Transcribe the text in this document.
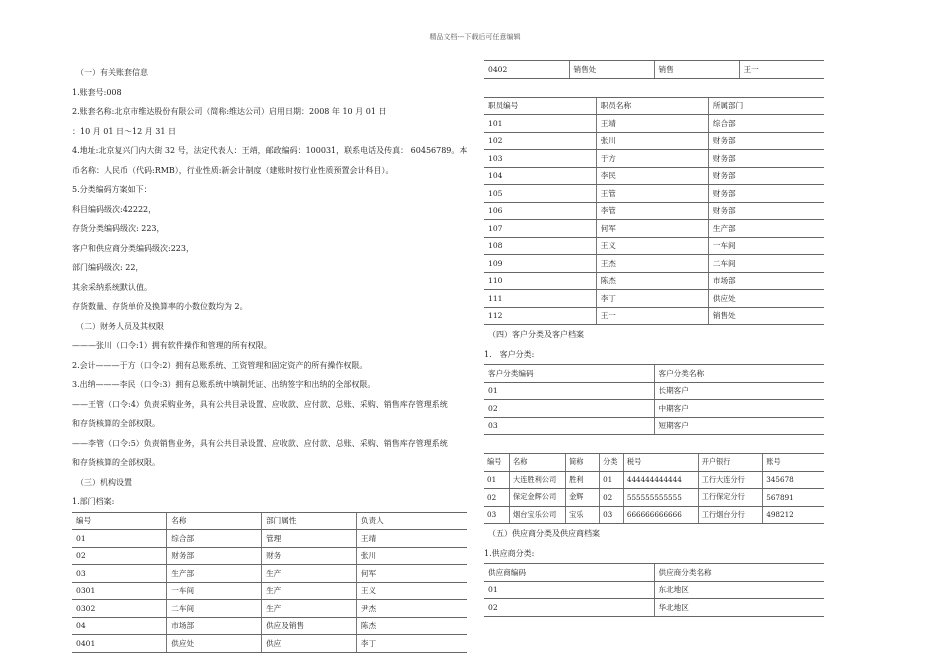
精品文档---下载后可任意编辑
（一）有关账套信息
1.账套号:008
2.账套名称:北京市维达股份有限公司（简称:维达公司）启用日期：2008 年 10 月 01 日
：10 月 01 日～12 月 31 日
4.地址:北京复兴门内大街 32 号，法定代表人：王靖，邮政编码：100031，联系电话及传真： 60456789。本
币名称：人民币（代码:RMB），行业性质:新会计制度（建账时按行业性质预置会计科目）。
5.分类编码方案如下：
科目编码级次:42222，
存货分类编码级次: 223，
客户和供应商分类编码级次:223，
部门编码级次: 22，
其余采纳系统默认值。
存货数量、存货单价及换算率的小数位数均为 2。
（二）财务人员及其权限
———张川（口令:1）拥有软件操作和管理的所有权限。
2.会计———于方（口令:2）拥有总账系统、工资管理和固定资产的所有操作权限。
3.出纳———李民（口令:3）拥有总账系统中填制凭证、出纳签字和出纳的全部权限。
——王管（口令:4）负责采购业务，具有公共目录设置、应收款、应付款、总账、采购、销售库存管理系统
和存货核算的全部权限。
——李管（口令:5）负责销售业务，具有公共目录设置、应收款、应付款、总账、采购、销售库存管理系统
和存货核算的全部权限。
（三）机构设置
1.部门档案:
编号	名称	部门属性	负责人
01	综合部	管理	王靖
02	财务部	财务	张川
03	生产部	生产	何军
0301	一车间	生产	王义
0302	二车间	生产	尹杰
04	市场部	供应及销售	陈杰
0401	供应处	供应	李丁
0402	销售处	销售	王一
职员编号	职员名称	所属部门
101	王靖	综合部
102	张川	财务部
103	于方	财务部
104	李民	财务部
105	王管	财务部
106	李管	财务部
107	何军	生产部
108	王义	一车间
109	王杰	二车间
110	陈杰	市场部
111	李丁	供应处
112	王一	销售处
（四）客户分类及客户档案
1.　客户分类:
客户分类编码	客户分类名称
01	长期客户
02	中期客户
03	短期客户
编号	名称	简称	分类	税号	开户银行	账号
01	大连胜利公司	胜利	01	444444444444	工行大连分行	345678
02	保定金辉公司	金辉	02	555555555555	工行保定分行	567891
03	烟台宝乐公司	宝乐	03	666666666666	工行烟台分行	498212
（五）供应商分类及供应商档案
1.供应商分类:
供应商编码	供应商分类名称
01	东北地区
02	华北地区
